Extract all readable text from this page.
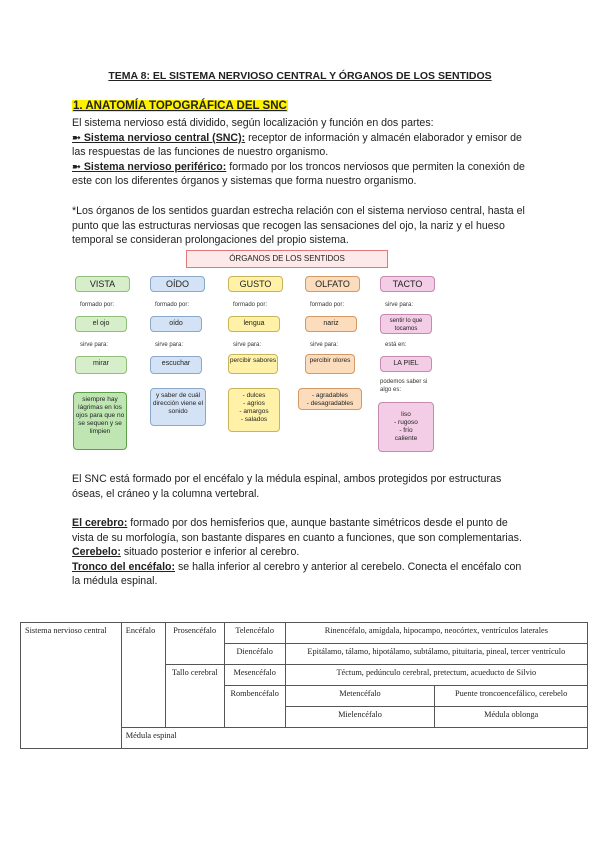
TEMA 8: EL SISTEMA NERVIOSO CENTRAL Y ÓRGANOS DE LOS SENTIDOS
1. ANATOMÍA TOPOGRÁFICA DEL SNC
El sistema nervioso está dividido, según localización y función en dos partes:
➼ Sistema nervioso central (SNC): receptor de información y almacén elaborador y emisor de las respuestas de las funciones de nuestro organismo.
➼ Sistema nervioso periférico: formado por los troncos nerviosos que permiten la conexión de este con los diferentes órganos y sistemas que forma nuestro organismo.
*Los órganos de los sentidos guardan estrecha relación con el sistema nervioso central, hasta el punto que las estructuras nerviosas que recogen las sensaciones del ojo, la nariz y el hueso temporal se consideran prolongaciones del propio sistema.
ÓRGANOS DE LOS SENTIDOS
VISTA
formado por:
el ojo
sirve para:
mirar
siempre hay lágrimas en los ojos para que no se sequen y se limpien
OÍDO
formado por:
oído
sirve para:
escuchar
y saber de cuál dirección viene el sonido
GUSTO
formado por:
lengua
sirve para:
percibir sabores
- dulces
- agrios
- amargos
- salados
OLFATO
formado por:
nariz
sirve para:
percibir olores
- agradables
- desagradables
TACTO
sirve para:
sentir lo que tocamos
está en:
LA PIEL
podemos saber si algo es:
liso
- rugoso
- frío
caliente
El SNC está formado por el encéfalo y la médula espinal, ambos protegidos por estructuras óseas, el cráneo y la columna vertebral.
El cerebro: formado por dos hemisferios que, aunque bastante simétricos desde el punto de vista de su morfología, son bastante dispares en cuanto a funciones, que son complementarias.
Cerebelo: situado posterior e inferior al cerebro.
Tronco del encéfalo: se halla inferior al cerebro y anterior al cerebelo. Conecta el encéfalo con la médula espinal.
Sistema nervioso central	Encéfalo	Prosencéfalo	Telencéfalo	Rinencéfalo, amígdala, hipocampo, neocórtex, ventrículos laterales	
			Diencéfalo	Epitálamo, tálamo, hipotálamo, subtálamo, pituitaria, pineal, tercer ventrículo	
		Tallo cerebral	Mesencéfalo	Téctum, pedúnculo cerebral, pretectum, acueducto de Silvio	
			Rombencéfalo	Metencéfalo	Puente troncoencefálico, cerebelo
				Mielencéfalo	Médula oblonga
	Médula espinal				
